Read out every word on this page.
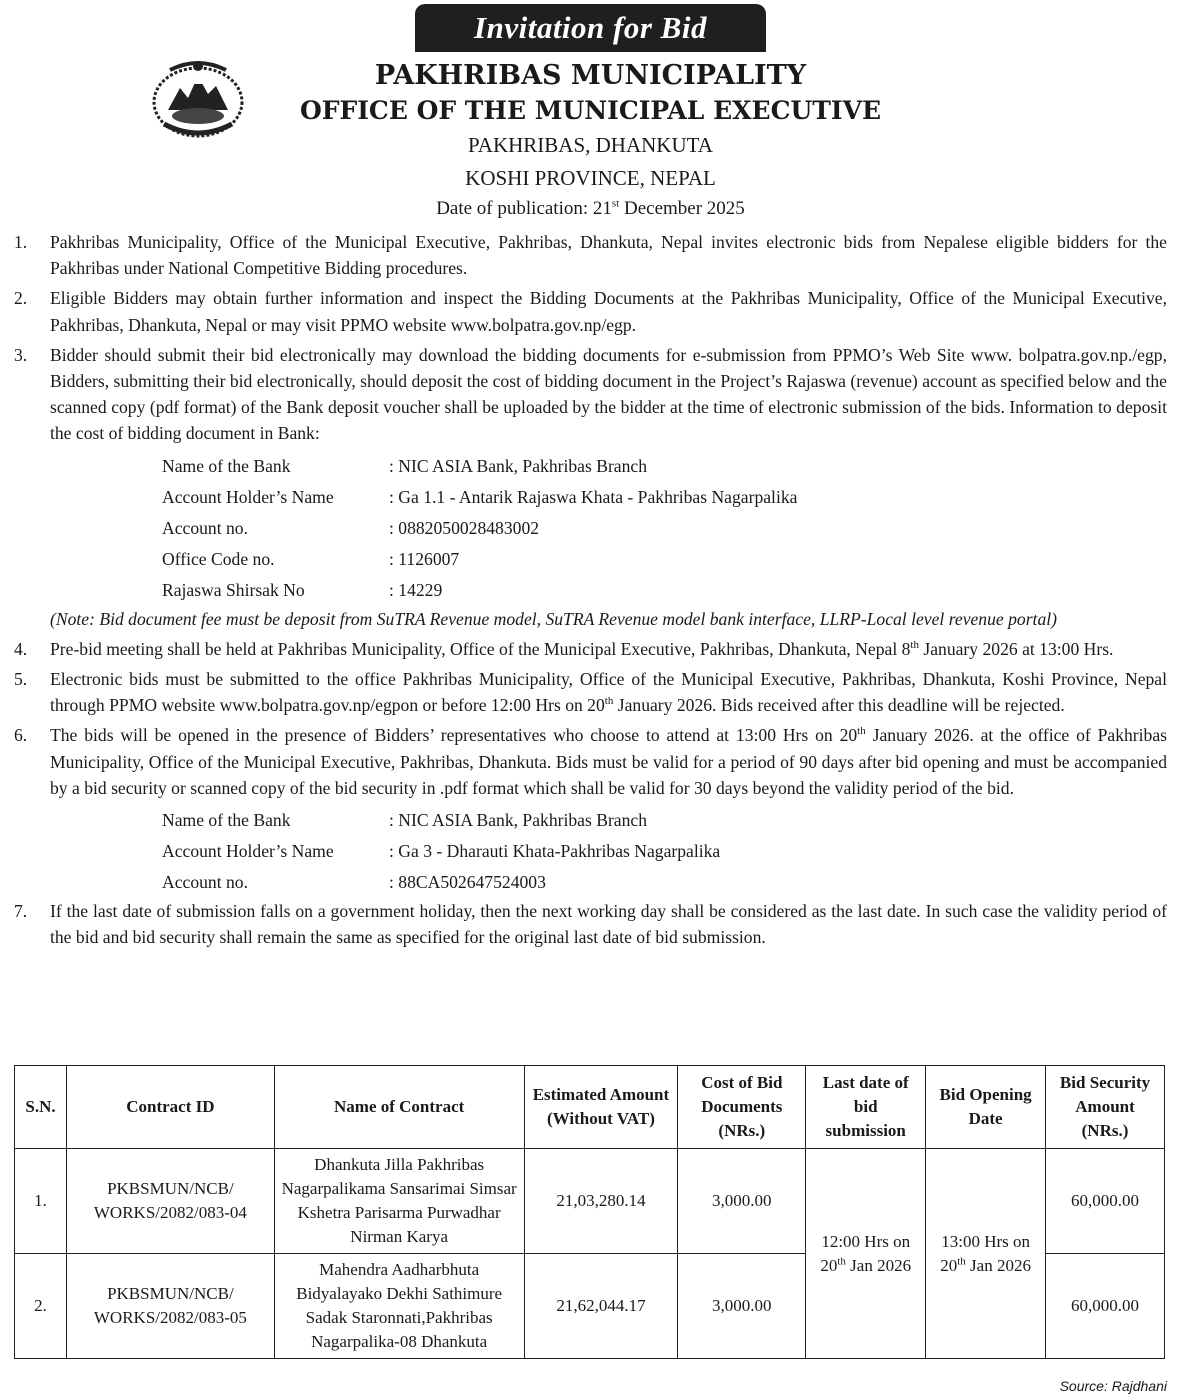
Invitation for Bid
PAKHRIBAS MUNICIPALITY
OFFICE OF THE MUNICIPAL EXECUTIVE
PAKHRIBAS, DHANKUTA
KOSHI PROVINCE, NEPAL
Date of publication: 21st December 2025
1. Pakhribas Municipality, Office of the Municipal Executive, Pakhribas, Dhankuta, Nepal invites electronic bids from Nepalese eligible bidders for the Pakhribas under National Competitive Bidding procedures.
2. Eligible Bidders may obtain further information and inspect the Bidding Documents at the Pakhribas Municipality, Office of the Municipal Executive, Pakhribas, Dhankuta, Nepal or may visit PPMO website www.bolpatra.gov.np/egp.
3. Bidder should submit their bid electronically may download the bidding documents for e-submission from PPMO’s Web Site www. bolpatra.gov.np./egp, Bidders, submitting their bid electronically, should deposit the cost of bidding document in the Project’s Rajaswa (revenue) account as specified below and the scanned copy (pdf format) of the Bank deposit voucher shall be uploaded by the bidder at the time of electronic submission of the bids. Information to deposit the cost of bidding document in Bank:
Name of the Bank	: NIC ASIA Bank, Pakhribas Branch
Account Holder’s Name	: Ga 1.1 - Antarik Rajaswa Khata - Pakhribas Nagarpalika
Account no.	: 0882050028483002
Office Code no.	: 1126007
Rajaswa Shirsak No	: 14229
(Note: Bid document fee must be deposit from SuTRA Revenue model, SuTRA Revenue model bank interface, LLRP-Local level revenue portal)
4. Pre-bid meeting shall be held at Pakhribas Municipality, Office of the Municipal Executive, Pakhribas, Dhankuta, Nepal 8th January 2026 at 13:00 Hrs.
5. Electronic bids must be submitted to the office Pakhribas Municipality, Office of the Municipal Executive, Pakhribas, Dhankuta, Koshi Province, Nepal through PPMO website www.bolpatra.gov.np/egpon or before 12:00 Hrs on 20th January 2026. Bids received after this deadline will be rejected.
6. The bids will be opened in the presence of Bidders’ representatives who choose to attend at 13:00 Hrs on 20th January 2026. at the office of Pakhribas Municipality, Office of the Municipal Executive, Pakhribas, Dhankuta. Bids must be valid for a period of 90 days after bid opening and must be accompanied by a bid security or scanned copy of the bid security in .pdf format which shall be valid for 30 days beyond the validity period of the bid.
Name of the Bank	: NIC ASIA Bank, Pakhribas Branch
Account Holder’s Name	: Ga 3 - Dharauti Khata-Pakhribas Nagarpalika
Account no.	: 88CA502647524003
7. If the last date of submission falls on a government holiday, then the next working day shall be considered as the last date. In such case the validity period of the bid and bid security shall remain the same as specified for the original last date of bid submission.
S.N.	Contract ID	Name of Contract	Estimated Amount (Without VAT)	Cost of Bid Documents (NRs.)	Last date of bid submission	Bid Opening Date	Bid Security Amount (NRs.)
1.	PKBSMUN/NCB/ WORKS/2082/083-04	Dhankuta Jilla Pakhribas Nagarpalikama Sansarimai Simsar Kshetra Parisarma Purwadhar Nirman Karya	21,03,280.14	3,000.00	12:00 Hrs on 20th Jan 2026	13:00 Hrs on 20th Jan 2026	60,000.00
2.	PKBSMUN/NCB/ WORKS/2082/083-05	Mahendra Aadharbhuta Bidyalayako Dekhi Sathimure Sadak Staronnati,Pakhribas Nagarpalika-08 Dhankuta	21,62,044.17	3,000.00			60,000.00
Source: Rajdhani
